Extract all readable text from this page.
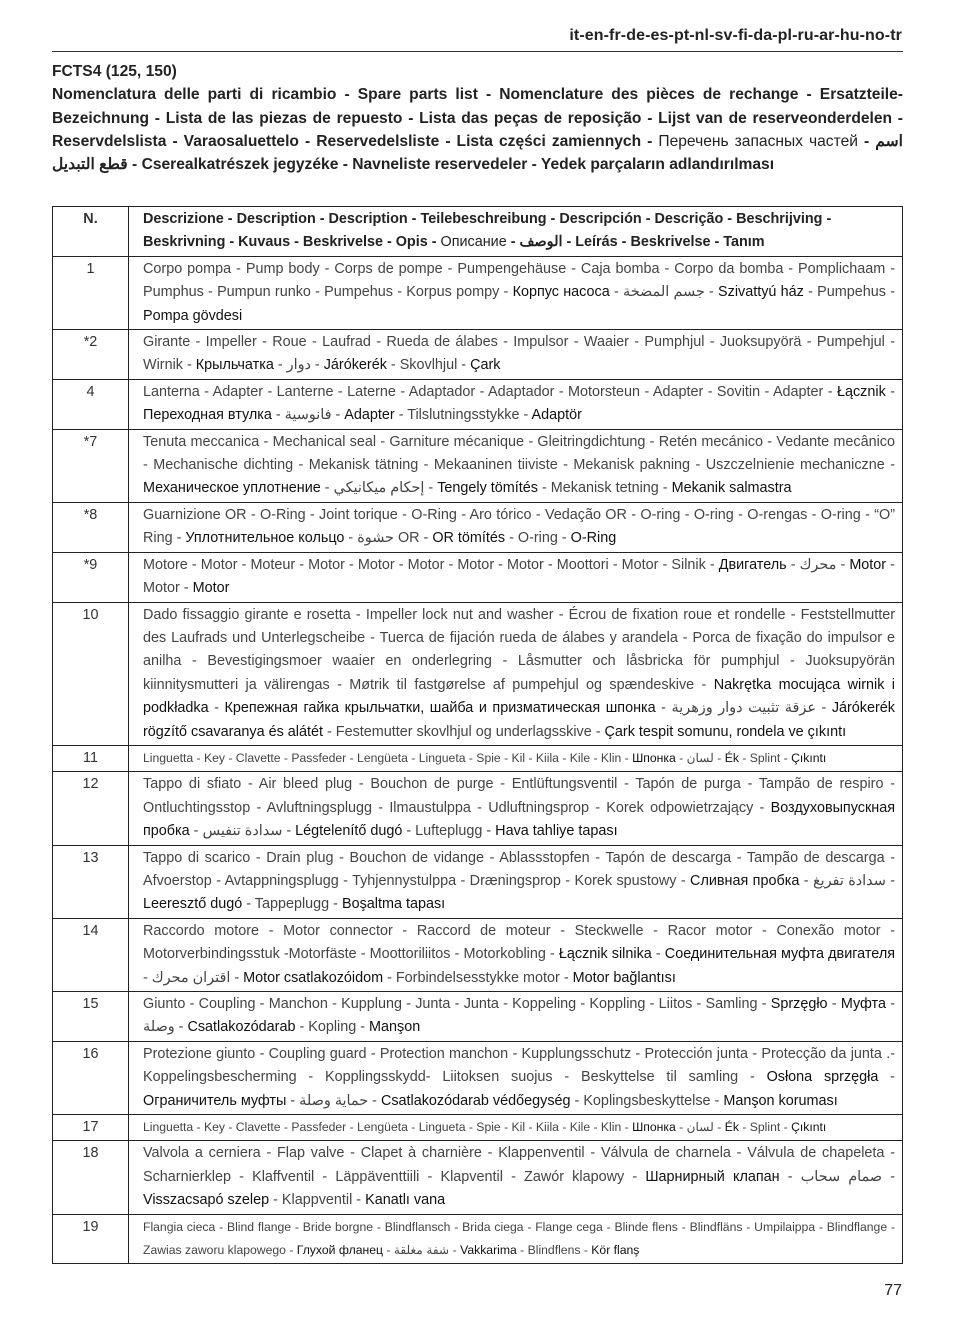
it-en-fr-de-es-pt-nl-sv-fi-da-pl-ru-ar-hu-no-tr
FCTS4 (125, 150)
Nomenclatura delle parti di ricambio - Spare parts list - Nomenclature des pièces de rechange - Ersatzteile-Bezeichnung - Lista de las piezas de repuesto - Lista das peças de reposição - Lijst van de reserveonderdelen - Reservdelslista - Varaosaluettelo - Reservedelsliste - Lista części zamiennych - Перечень запасных частей - اسم قطع التبديل - Cserealkatrészek jegyzéke - Navneliste reservedeler - Yedek parçaların adlandırılması
N.	Descrizione - Description - Description - Teilebeschreibung - Descripción - Descrição - Beschrijving - Beskrivning - Kuvaus - Beskrivelse - Opis - Описание - الوصف - Leírás - Beskrivelse - Tanım
1	Corpo pompa - Pump body - Corps de pompe - Pumpengehäuse - Caja bomba - Corpo da bomba - Pomplichaam - Pumphus - Pumpun runko - Pumpehus - Korpus pompy - Корпус насоса - جسم المضخة - Szivattyú ház - Pumpehus - Pompa gövdesi
*2	Girante - Impeller - Roue - Laufrad - Rueda de álabes - Impulsor - Waaier - Pumphjul - Juoksupyörä - Pumpehjul - Wirnik - Крыльчатка - دوار - Járókerék - Skovlhjul - Çark
4	Lanterna - Adapter - Lanterne - Laterne - Adaptador - Adaptador - Motorsteun - Adapter - Sovitin - Adapter - Łącznik - Переходная втулка - فانوسية - Adapter - Tilslutningsstykke - Adaptör
*7	Tenuta meccanica - Mechanical seal - Garniture mécanique - Gleitringdichtung - Retén mecánico - Vedante mecânico - Mechanische dichting - Mekanisk tätning - Mekaaninen tiiviste - Mekanisk pakning - Uszczelnienie mechaniczne - Механическое уплотнение - إحكام ميكانيكي - Tengely tömítés - Mekanisk tetning - Mekanik salmastra
*8	Guarnizione OR - O-Ring - Joint torique - O-Ring - Aro tórico - Vedação OR - O-ring - O-ring - O-rengas - O-ring - “O” Ring - Уплотнительное кольцо - حشوة OR - OR tömítés - O-ring - O-Ring
*9	Motore - Motor - Moteur - Motor - Motor - Motor - Motor - Motor - Moottori - Motor - Silnik - Двигатель - محرك - Motor - Motor - Motor
10	Dado fissaggio girante e rosetta - Impeller lock nut and washer - Écrou de fixation roue et rondelle - Feststellmutter des Laufrads und Unterlegscheibe - Tuerca de fijación rueda de álabes y arandela - Porca de fixação do impulsor e anilha - Bevestigingsmoer waaier en onderlegring - Låsmutter och låsbricka för pumphjul - Juoksupyörän kiinnitysmutteri ja välirengas - Møtrik til fastgørelse af pumpehjul og spændeskive - Nakrętka mocująca wirnik i podkładka - Крепежная гайка крыльчатки, шайба и призматическая шпонка - عزقة تثبيت دوار وزهرية - Járókerék rögzítő csavaranya és alátét - Festemutter skovlhjul og underlagsskive - Çark tespit somunu, rondela ve çıkıntı
11	Linguetta - Key - Clavette - Passfeder - Lengüeta - Lingueta - Spie - Kil - Kiila - Kile - Klin - Шпонка - لسان - Ék - Splint - Çıkıntı
12	Tappo di sfiato - Air bleed plug - Bouchon de purge - Entlüftungsventil - Tapón de purga - Tampão de respiro - Ontluchtingsstop - Avluftningsplugg - Ilmaustulppa - Udluftningsprop - Korek odpowietrzający - Воздуховыпускная пробка - سدادة تنفيس - Légtelenítő dugó - Lufteplugg - Hava tahliye tapası
13	Tappo di scarico - Drain plug - Bouchon de vidange - Ablassstopfen - Tapón de descarga - Tampão de descarga - Afvoerstop - Avtappningsplugg - Tyhjennystulppa - Dræningsprop - Korek spustowy - Сливная пробка - سدادة تفريغ - Leeresztő dugó - Tappeplugg - Boşaltma tapası
14	Raccordo motore - Motor connector - Raccord de moteur - Steckwelle - Racor motor - Conexão motor - Motorverbindingsstuk -Motorfäste - Moottoriliitos - Motorkobling - Łącznik silnika - Соединительная муфта двигателя - اقتران محرك - Motor csatlakozóidom - Forbindelsesstykke motor - Motor bağlantısı
15	Giunto - Coupling - Manchon - Kupplung - Junta - Junta - Koppeling - Koppling - Liitos - Samling - Sprzęgło - Муфта - وصلة - Csatlakozódarab - Kopling - Manşon
16	Protezione giunto - Coupling guard - Protection manchon - Kupplungsschutz - Protección junta - Protecção da junta .-Koppelingsbescherming - Kopplingsskydd- Liitoksen suojus - Beskyttelse til samling - Osłona sprzęgła - Ограничитель муфты - حماية وصلة - Csatlakozódarab védőegység - Koplingsbeskyttelse - Manşon koruması
17	Linguetta - Key - Clavette - Passfeder - Lengüeta - Lingueta - Spie - Kil - Kiila - Kile - Klin - Шпонка - لسان - Ék - Splint - Çıkıntı
18	Valvola a cerniera - Flap valve - Clapet à charnière - Klappenventil - Válvula de charnela - Válvula de chapeleta - Scharnierklep - Klaffventil - Läppäventtiili - Klapventil - Zawór klapowy - Шарнирный клапан - صمام سحاب - Visszacsapó szelep - Klappventil - Kanatlı vana
19	Flangia cieca - Blind flange - Bride borgne - Blindflansch - Brida ciega - Flange cega - Blinde flens - Blindfläns - Umpilaippa - Blindflange - Zawias zaworu klapowego - Глухой фланец - شفة مغلقة - Vakkarima - Blindflens - Kör flanş
77
